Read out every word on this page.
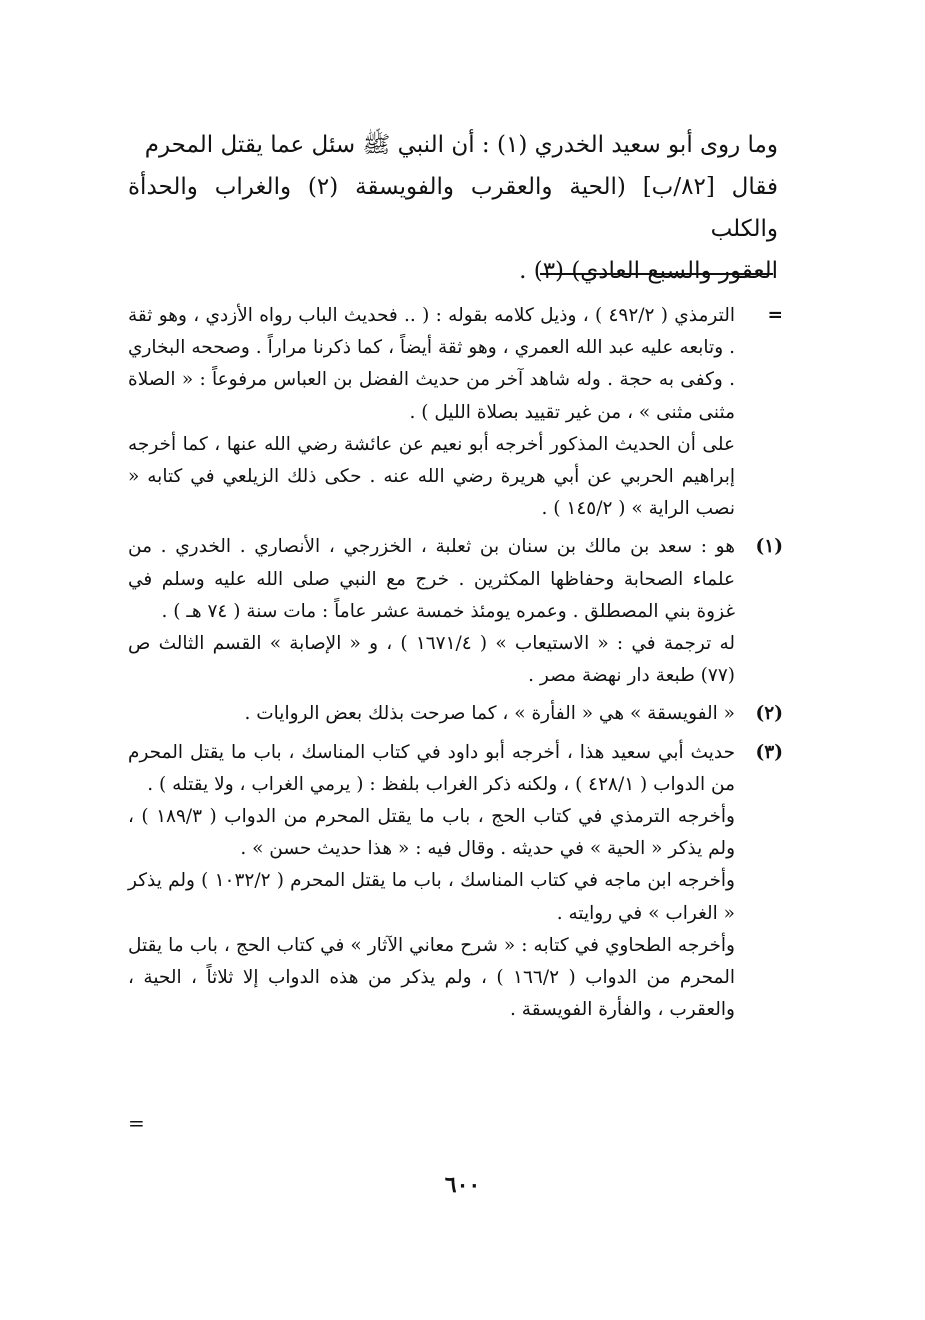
وما روى أبو سعيد الخدري (١) : أن النبي ﷺ سئل عما يقتل المحرم

فقال [٨٢/ب] (الحية والعقرب والفويسقة (٢) والغراب والحدأة والكلب

العقور والسبع العادي) (٣) .

=

الترمذي ( ٤٩٢/٢ ) ، وذيل كلامه بقوله : ( .. فحديث الباب رواه الأزدي ، وهو ثقة . وتابعه عليه عبد الله العمري ، وهو ثقة أيضاً ، كما ذكرنا مراراً . وصححه البخاري . وكفى به حجة . وله شاهد آخر من حديث الفضل بن العباس مرفوعاً : « الصلاة مثنى مثنى » ، من غير تقييد بصلاة الليل ) .

على أن الحديث المذكور أخرجه أبو نعيم عن عائشة رضي الله عنها ، كما أخرجه إبراهيم الحربي عن أبي هريرة رضي الله عنه . حكى ذلك الزيلعي في كتابه « نصب الراية » ( ١٤٥/٢ ) .

(١)

هو : سعد بن مالك بن سنان بن ثعلبة ، الخزرجي ، الأنصاري . الخدري . من علماء الصحابة وحفاظها المكثرين . خرج مع النبي صلى الله عليه وسلم في غزوة بني المصطلق . وعمره يومئذ خمسة عشر عاماً : مات سنة ( ٧٤ هـ ) .

له ترجمة في : « الاستيعاب » ( ١٦٧١/٤ ) ، و « الإصابة » القسم الثالث ص (٧٧) طبعة دار نهضة مصر .

(٢)

« الفويسقة » هي « الفأرة » ، كما صرحت بذلك بعض الروايات .

(٣)

حديث أبي سعيد هذا ، أخرجه أبو داود في كتاب المناسك ، باب ما يقتل المحرم من الدواب ( ٤٢٨/١ ) ، ولكنه ذكر الغراب بلفظ : ( يرمي الغراب ، ولا يقتله ) .

وأخرجه الترمذي في كتاب الحج ، باب ما يقتل المحرم من الدواب ( ١٨٩/٣ ) ، ولم يذكر « الحية » في حديثه . وقال فيه : « هذا حديث حسن » .

وأخرجه ابن ماجه في كتاب المناسك ، باب ما يقتل المحرم ( ١٠٣٢/٢ ) ولم يذكر « الغراب » في روايته .

وأخرجه الطحاوي في كتابه : « شرح معاني الآثار » في كتاب الحج ، باب ما يقتل المحرم من الدواب ( ١٦٦/٢ ) ، ولم يذكر من هذه الدواب إلا ثلاثاً ، الحية ، والعقرب ، والفأرة الفويسقة .

=
٦٠٠
